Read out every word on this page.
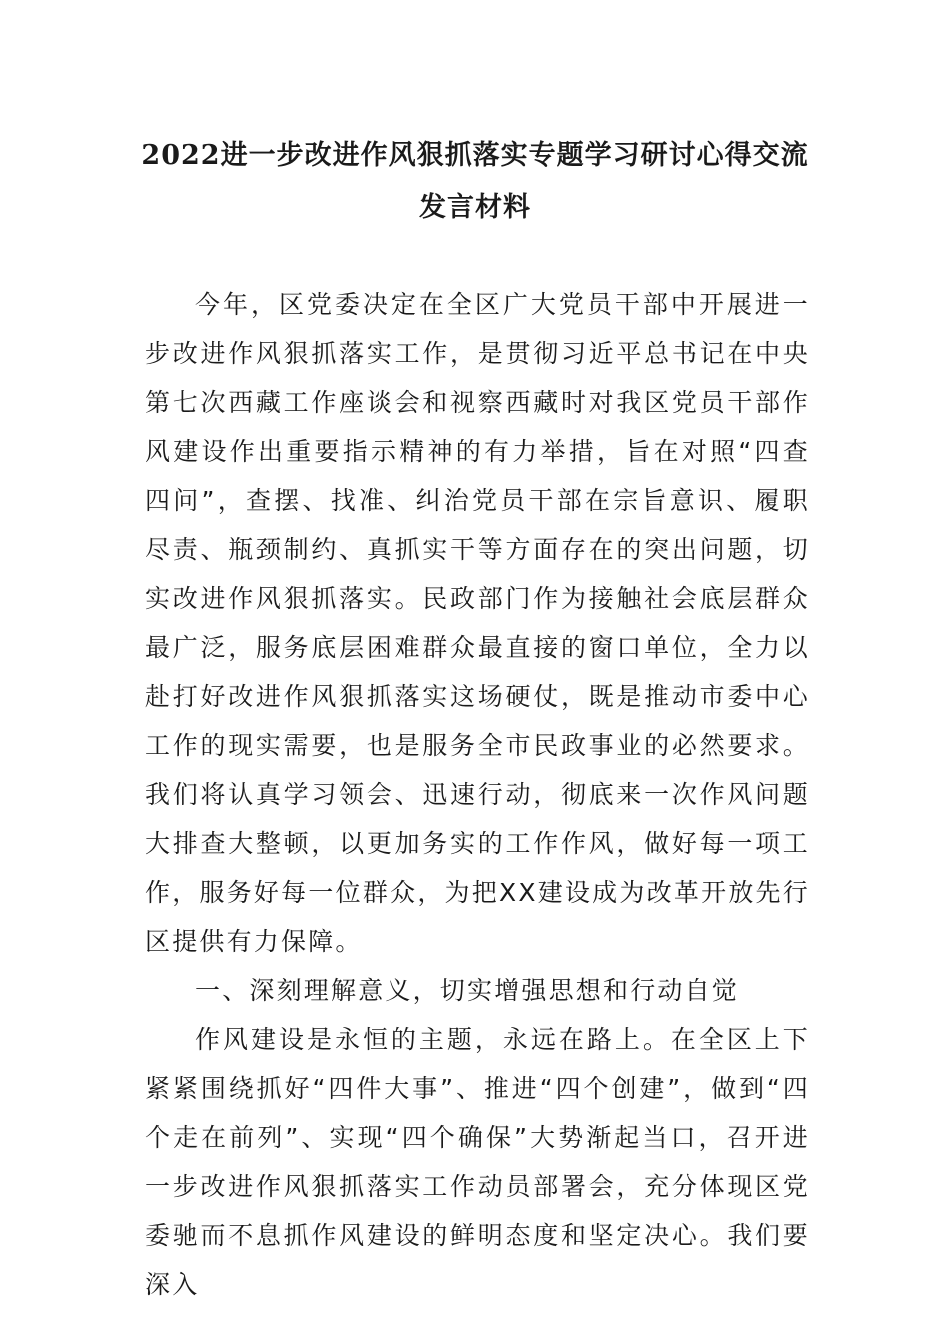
2022进一步改进作风狠抓落实专题学习研讨心得交流发言材料

今年，区党委决定在全区广大党员干部中开展进一步改进作风狠抓落实工作，是贯彻习近平总书记在中央第七次西藏工作座谈会和视察西藏时对我区党员干部作风建设作出重要指示精神的有力举措，旨在对照“四查四问”，查摆、找准、纠治党员干部在宗旨意识、履职尽责、瓶颈制约、真抓实干等方面存在的突出问题，切实改进作风狠抓落实。民政部门作为接触社会底层群众最广泛，服务底层困难群众最直接的窗口单位，全力以赴打好改进作风狠抓落实这场硬仗，既是推动市委中心工作的现实需要，也是服务全市民政事业的必然要求。我们将认真学习领会、迅速行动，彻底来一次作风问题大排查大整顿，以更加务实的工作作风，做好每一项工作，服务好每一位群众，为把XX建设成为改革开放先行区提供有力保障。

一、深刻理解意义，切实增强思想和行动自觉

作风建设是永恒的主题，永远在路上。在全区上下紧紧围绕抓好“四件大事”、推进“四个创建”，做到“四个走在前列”、实现“四个确保”大势渐起当口，召开进一步改进作风狠抓落实工作动员部署会，充分体现区党委驰而不息抓作风建设的鲜明态度和坚定决心。我们要深入
